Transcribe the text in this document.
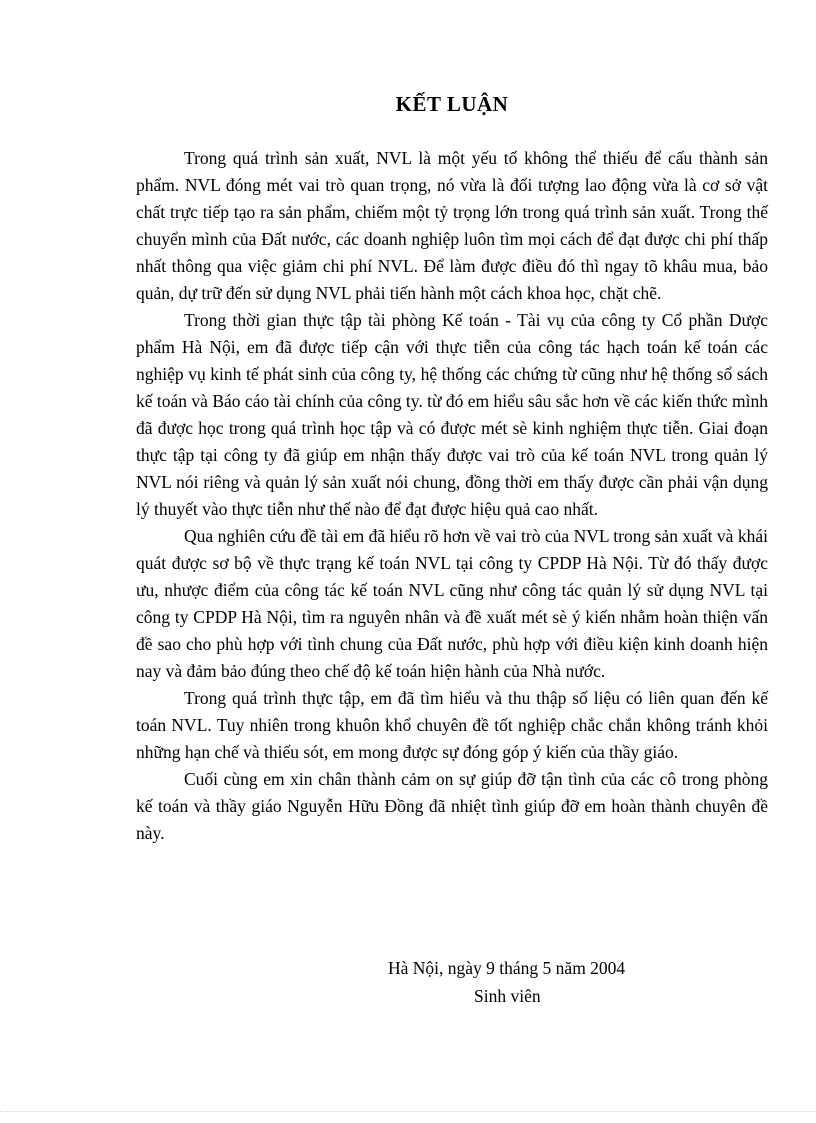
KẾT LUẬN

Trong quá trình sản xuất, NVL là một yếu tố không thể thiếu để cấu thành sản phẩm. NVL đóng mét vai trò quan trọng, nó vừa là đối tượng lao động vừa là cơ sở vật chất trực tiếp tạo ra sản phẩm, chiếm một tỷ trọng lớn trong quá trình sản xuất. Trong thế chuyển mình của Đất nước, các doanh nghiệp luôn tìm mọi cách để đạt được chi phí thấp nhất thông qua việc giảm chi phí NVL. Để làm được điều đó thì ngay tõ khâu mua, bảo quản, dự trữ đến sử dụng NVL phải tiến hành một cách khoa học, chặt chẽ.

Trong thời gian thực tập tài phòng Kế toán - Tài vụ của công ty Cổ phần Dược phẩm Hà Nội, em đã được tiếp cận với thực tiễn của công tác hạch toán kế toán các nghiệp vụ kinh tế phát sinh của công ty, hệ thống các chứng từ cũng như hệ thống sổ sách kế toán và Báo cáo tài chính của công ty. từ đó em hiểu sâu sắc hơn về các kiến thức mình đã được học trong quá trình học tập và có được mét sè kinh nghiệm thực tiễn. Giai đoạn thực tập tại công ty đã giúp em nhận thấy được vai trò của kế toán NVL trong quản lý NVL nói riêng và quản lý sản xuất nói chung, đồng thời em thấy được cần phải vận dụng lý thuyết vào thực tiễn như thế nào để đạt được hiệu quả cao nhất.

Qua nghiên cứu đề tài em đã hiểu rõ hơn về vai trò của NVL trong sản xuất và khái quát được sơ bộ về thực trạng kế toán NVL tại công ty CPDP Hà Nội. Từ đó thấy được ưu, nhược điểm của công tác kế toán NVL cũng như công tác quản lý sử dụng NVL tại công ty CPDP Hà Nội, tìm ra nguyên nhân và đề xuất mét sè ý kiến nhằm hoàn thiện vấn đề sao cho phù hợp với tình chung của Đất nước, phù hợp với điều kiện kinh doanh hiện nay và đảm bảo đúng theo chế độ kế toán hiện hành của Nhà nước.

Trong quá trình thực tập, em đã tìm hiểu và thu thập số liệu có liên quan đến kế toán NVL. Tuy nhiên trong khuôn khổ chuyên đề tốt nghiệp chắc chắn không tránh khỏi những hạn chế và thiếu sót, em mong được sự đóng góp ý kiến của thầy giáo.

Cuối cùng em xin chân thành cảm on sự giúp đỡ tận tình của các cô trong phòng kế toán và thầy giáo Nguyễn Hữu Đồng đã nhiệt tình giúp đỡ em hoàn thành chuyên đề này.

Hà Nội, ngày 9 tháng 5 năm 2004
Sinh viên
